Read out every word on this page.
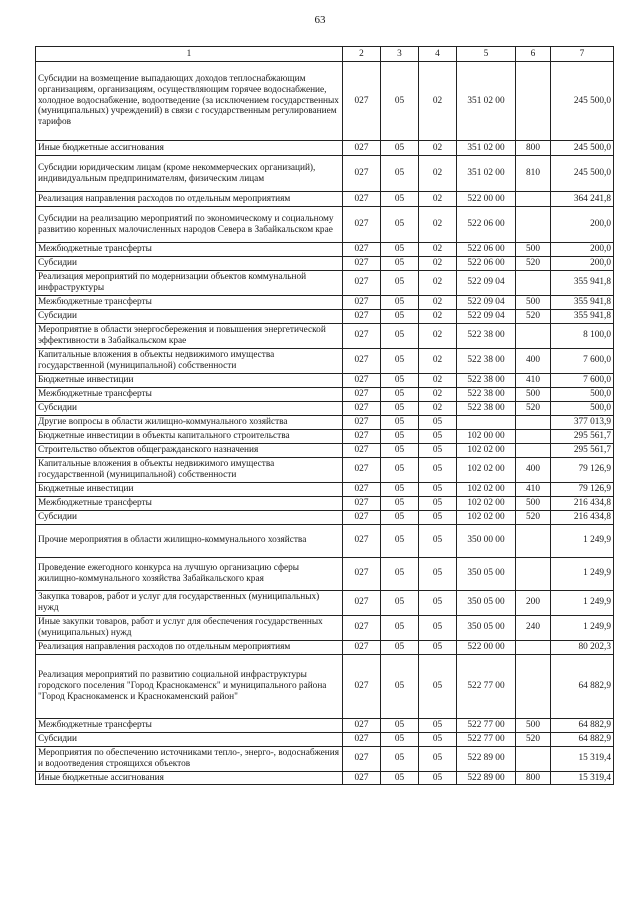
63
1	2	3	4	5	6	7
Субсидии на возмещение выпадающих доходов теплоснабжающим организациям, организациям, осуществляющим горячее водоснабжение, холодное водоснабжение, водоотведение (за исключением государственных (муниципальных) учреждений) в связи с государственным регулированием тарифов	027	05	02	351 02 00		245 500,0
Иные бюджетные ассигнования	027	05	02	351 02 00	800	245 500,0
Субсидии юридическим лицам (кроме некоммерческих организаций), индивидуальным предпринимателям, физическим лицам	027	05	02	351 02 00	810	245 500,0
Реализация направления расходов по отдельным мероприятиям	027	05	02	522 00 00		364 241,8
Субсидии на реализацию мероприятий по экономическому и социальному развитию коренных малочисленных народов Севера в Забайкальском крае	027	05	02	522 06 00		200,0
Межбюджетные трансферты	027	05	02	522 06 00	500	200,0
Субсидии	027	05	02	522 06 00	520	200,0
Реализация мероприятий по модернизации объектов коммунальной инфраструктуры	027	05	02	522 09 04		355 941,8
Межбюджетные трансферты	027	05	02	522 09 04	500	355 941,8
Субсидии	027	05	02	522 09 04	520	355 941,8
Мероприятие в области энергосбережения и повышения энергетической эффективности в Забайкальском крае	027	05	02	522 38 00		8 100,0
Капитальные вложения в объекты недвижимого имущества государственной (муниципальной) собственности	027	05	02	522 38 00	400	7 600,0
Бюджетные инвестиции	027	05	02	522 38 00	410	7 600,0
Межбюджетные трансферты	027	05	02	522 38 00	500	500,0
Субсидии	027	05	02	522 38 00	520	500,0
Другие вопросы в области жилищно-коммунального хозяйства	027	05	05			377 013,9
Бюджетные инвестиции в объекты капитального строительства	027	05	05	102 00 00		295 561,7
Строительство объектов общегражданского назначения	027	05	05	102 02 00		295 561,7
Капитальные вложения в объекты недвижимого имущества государственной (муниципальной) собственности	027	05	05	102 02 00	400	79 126,9
Бюджетные инвестиции	027	05	05	102 02 00	410	79 126,9
Межбюджетные трансферты	027	05	05	102 02 00	500	216 434,8
Субсидии	027	05	05	102 02 00	520	216 434,8
Прочие мероприятия в области жилищно-коммунального хозяйства	027	05	05	350 00 00		1 249,9
Проведение ежегодного конкурса на лучшую организацию сферы жилищно-коммунального хозяйства Забайкальского края	027	05	05	350 05 00		1 249,9
Закупка товаров, работ и услуг для государственных (муниципальных) нужд	027	05	05	350 05 00	200	1 249,9
Иные закупки товаров, работ и услуг для обеспечения государственных (муниципальных) нужд	027	05	05	350 05 00	240	1 249,9
Реализация направления расходов по отдельным мероприятиям	027	05	05	522 00 00		80 202,3
Реализация мероприятий по развитию социальной инфраструктуры городского поселения "Город Краснокаменск" и муниципального района "Город Краснокаменск и Краснокаменский район"	027	05	05	522 77 00		64 882,9
Межбюджетные трансферты	027	05	05	522 77 00	500	64 882,9
Субсидии	027	05	05	522 77 00	520	64 882,9
Мероприятия по обеспечению источниками тепло-, энерго-, водоснабжения и водоотведения строящихся объектов	027	05	05	522 89 00		15 319,4
Иные бюджетные ассигнования	027	05	05	522 89 00	800	15 319,4
